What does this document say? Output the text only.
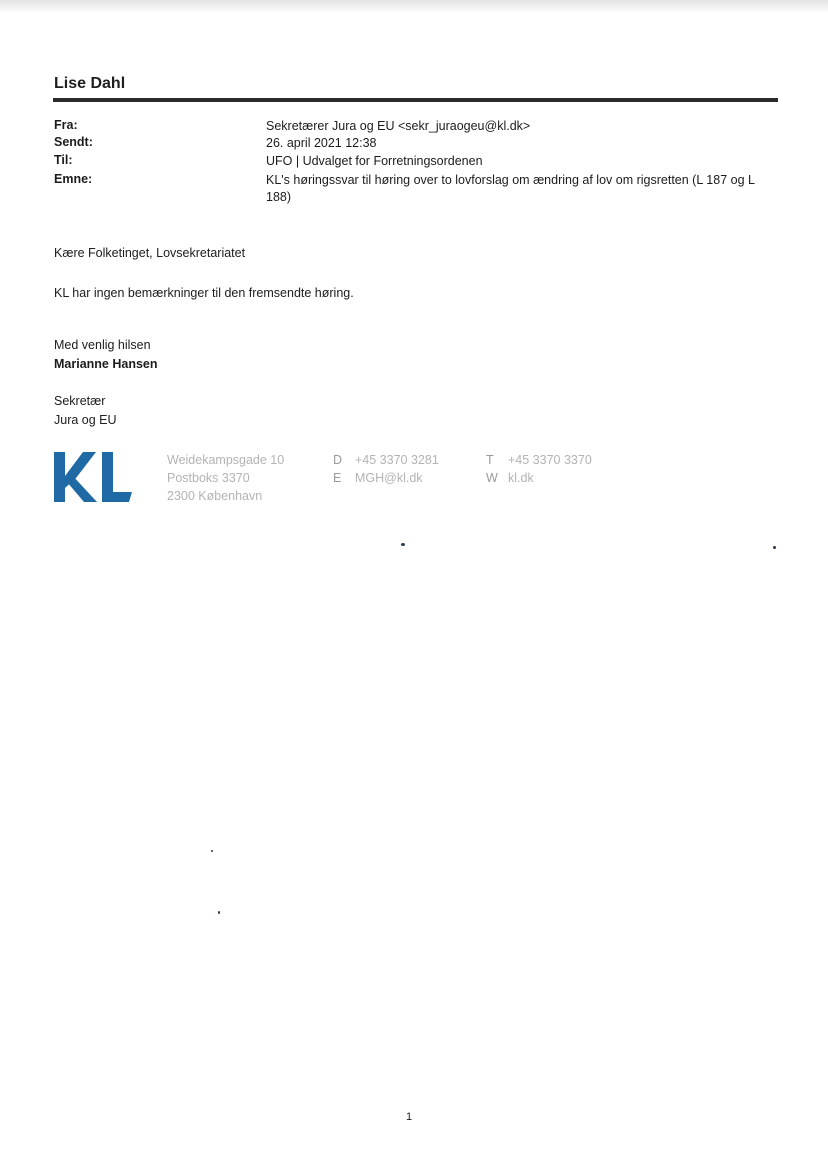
Lise Dahl
Fra:	Sekretærer Jura og EU <sekr_juraogeu@kl.dk>
Sendt:	26. april 2021 12:38
Til:	UFO | Udvalget for Forretningsordenen
Emne:	KL's høringssvar til høring over to lovforslag om ændring af lov om rigsretten (L 187 og L 188)
Kære Folketinget, Lovsekretariatet
KL har ingen bemærkninger til den fremsendte høring.
Med venlig hilsen
Marianne Hansen
Sekretær
Jura og EU
Weidekampsgade 10
Postboks 3370
2300 København
D +45 3370 3281
E MGH@kl.dk
T +45 3370 3370
W kl.dk
1
